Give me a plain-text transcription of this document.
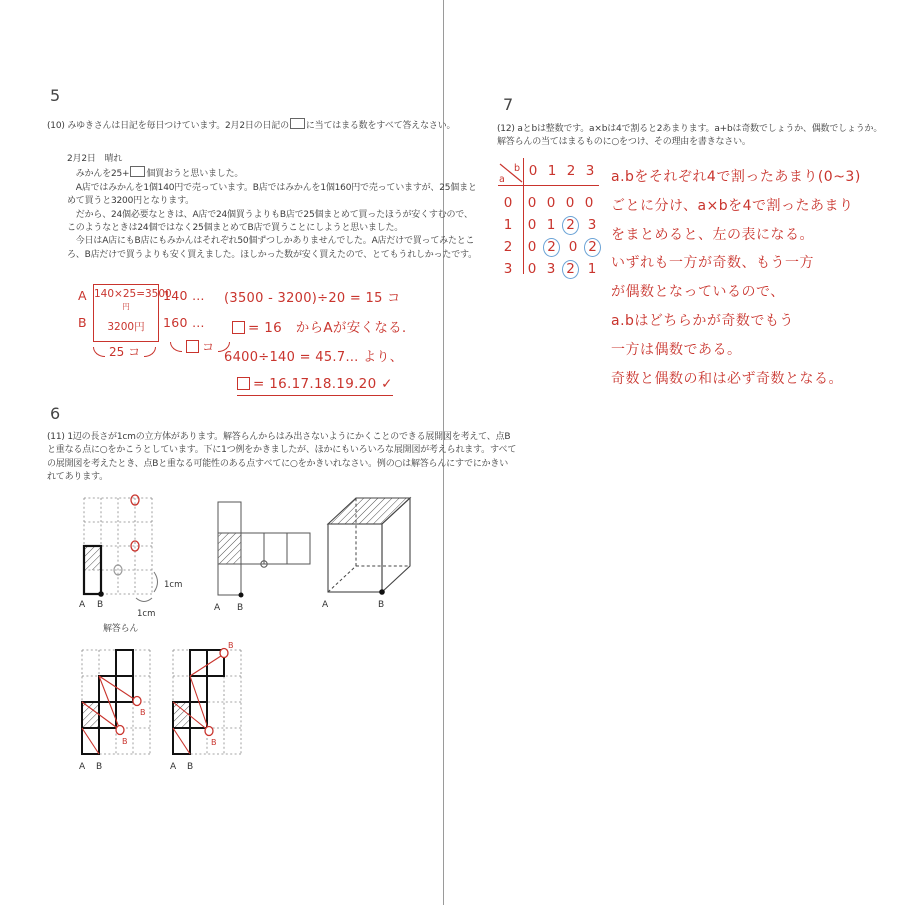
5
(10) みゆきさんは日記を毎日つけています。2月2日の日記の に当てはまる数をすべて答えなさい。
2月2日　晴れ
　みかんを25+ 個買おうと思いました。
　A店ではみかんを1個140円で売っています。B店ではみかんを1個160円で売っていますが、25個まと
めて買うと3200円となります。
　だから、24個必要なときは、A店で24個買うよりもB店で25個まとめて買ったほうが安くすむので、
このようなときは24個ではなく25個まとめてB店で買うことにしようと思いました。
　今日はA店にもB店にもみかんはそれぞれ50個ずつしかありませんでした。A店だけで買ってみたとこ
ろ、B店だけで買うよりも安く買えました。ほしかった数が安く買えたので、とてもうれしかったです。
A
B
140×25=3500円
3200円
140 …
160 …
25 コ	コ
(3500 - 3200)÷20 = 15 コ
= 16　からAが安くなる.
6400÷140 = 45.7… より、
= 16.17.18.19.20 ✓
6
(11) 1辺の長さが1cmの立方体があります。解答らんからはみ出さないようにかくことのできる展開図を考えて、点B
と重なる点に○をかこうとしています。下に1つ例をかきましたが、ほかにもいろいろな展開図が考えられます。すべて
の展開図を考えたとき、点Bと重なる可能性のある点すべてに○をかきいれなさい。例の○は解答らんにすでにかきい
れてあります。
A B
1cm
1cm
A B	A	B
解答らん
B
B
A B
B
B
A B
7
(12) aとbは整数です。a×bは4で割ると2あまります。a+bは奇数でしょうか、偶数でしょうか。
解答らんの当てはまるものに○をつけ、その理由を書きなさい。
b
a
0 1 2 3
0	0 0 0 0
1	0 1 2 3
2	0 2 0 2
3	0 3 2 1
a.bをそれぞれ4で割ったあまり(0~3)
ごとに分け、a×bを4で割ったあまり
をまとめると、左の表になる。
いずれも一方が奇数、もう一方
が偶数となっているので、
a.bはどちらかが奇数でもう
一方は偶数である。
奇数と偶数の和は必ず奇数となる。
